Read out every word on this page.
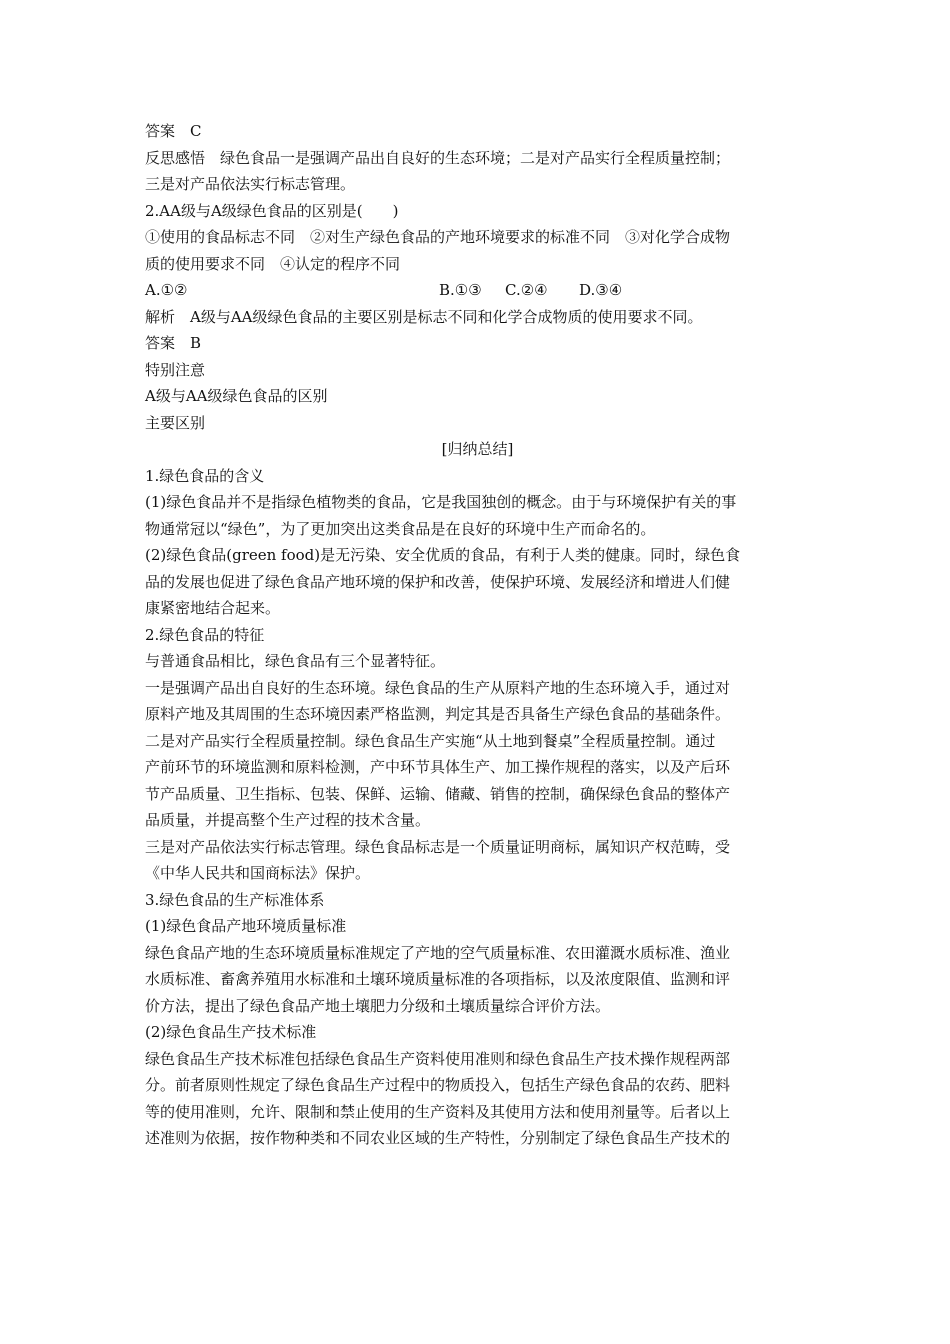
答案　C
反思感悟　绿色食品一是强调产品出自良好的生态环境；二是对产品实行全程质量控制；
三是对产品依法实行标志管理。
2.AA级与A级绿色食品的区别是(　　)
①使用的食品标志不同　②对生产绿色食品的产地环境要求的标准不同　③对化学合成物
质的使用要求不同　④认定的程序不同
A.①②	B.①③ C.②④ D.③④
解析　A级与AA级绿色食品的主要区别是标志不同和化学合成物质的使用要求不同。
答案　B
特别注意
A级与AA级绿色食品的区别
主要区别
[归纳总结]
1.绿色食品的含义
(1)绿色食品并不是指绿色植物类的食品，它是我国独创的概念。由于与环境保护有关的事
物通常冠以“绿色”，为了更加突出这类食品是在良好的环境中生产而命名的。
(2)绿色食品(green food)是无污染、安全优质的食品，有利于人类的健康。同时，绿色食
品的发展也促进了绿色食品产地环境的保护和改善，使保护环境、发展经济和增进人们健
康紧密地结合起来。
2.绿色食品的特征
与普通食品相比，绿色食品有三个显著特征。
一是强调产品出自良好的生态环境。绿色食品的生产从原料产地的生态环境入手，通过对
原料产地及其周围的生态环境因素严格监测，判定其是否具备生产绿色食品的基础条件。
二是对产品实行全程质量控制。绿色食品生产实施“从土地到餐桌”全程质量控制。通过
产前环节的环境监测和原料检测，产中环节具体生产、加工操作规程的落实，以及产后环
节产品质量、卫生指标、包装、保鲜、运输、储藏、销售的控制，确保绿色食品的整体产
品质量，并提高整个生产过程的技术含量。
三是对产品依法实行标志管理。绿色食品标志是一个质量证明商标，属知识产权范畴，受
《中华人民共和国商标法》保护。
3.绿色食品的生产标准体系
(1)绿色食品产地环境质量标准
绿色食品产地的生态环境质量标准规定了产地的空气质量标准、农田灌溉水质标准、渔业
水质标准、畜禽养殖用水标准和土壤环境质量标准的各项指标，以及浓度限值、监测和评
价方法，提出了绿色食品产地土壤肥力分级和土壤质量综合评价方法。
(2)绿色食品生产技术标准
绿色食品生产技术标准包括绿色食品生产资料使用准则和绿色食品生产技术操作规程两部
分。前者原则性规定了绿色食品生产过程中的物质投入，包括生产绿色食品的农药、肥料
等的使用准则，允许、限制和禁止使用的生产资料及其使用方法和使用剂量等。后者以上
述准则为依据，按作物种类和不同农业区域的生产特性，分别制定了绿色食品生产技术的
